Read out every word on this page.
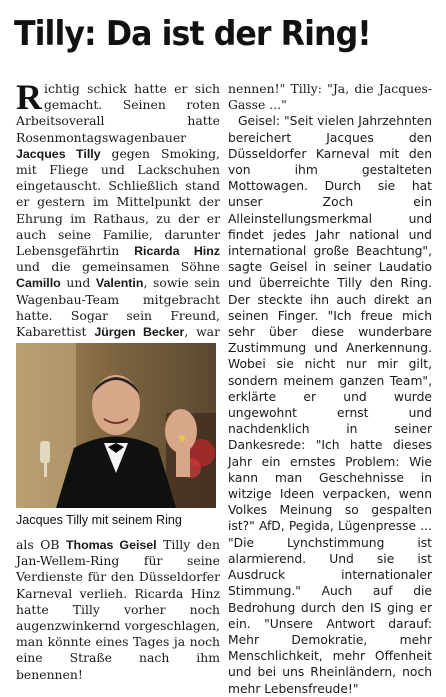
Tilly: Da ist der Ring!

Richtig schick hatte er sich gemacht. Seinen roten Arbeitsoverall hatte Rosenmontagswagenbauer Jacques Tilly gegen Smoking, mit Fliege und Lackschuhen eingetauscht. Schließlich stand er gestern im Mittelpunkt der Ehrung im Rathaus, zu der er auch seine Familie, darunter Lebensgefährtin Ricarda Hinz und die gemeinsamen Söhne Camillo und Valentin, sowie sein Wagenbau-Team mitgebracht hatte. Sogar sein Freund, Kabarettist Jürgen Becker, war

Jacques Tilly mit seinem Ring

als OB Thomas Geisel Tilly den Jan-Wellem-Ring für seine Verdienste für den Düsseldorfer Karneval verlieh. Ricarda Hinz hatte Tilly vorher noch augenzwinkernd vorgeschlagen, man könnte eines Tages ja noch eine Straße nach ihm benennen!

nennen!" Tilly: "Ja, die Jacques-Gasse ..."

Geisel: "Seit vielen Jahrzehnten bereichert Jacques den Düsseldorfer Karneval mit den von ihm gestalteten Mottowagen. Durch sie hat unser Zoch ein Alleinstellungsmerkmal und findet jedes Jahr national und international große Beachtung", sagte Geisel in seiner Laudatio und überreichte Tilly den Ring. Der steckte ihn auch direkt an seinen Finger. "Ich freue mich sehr über diese wunderbare Zustimmung und Anerkennung. Wobei sie nicht nur mir gilt, sondern meinem ganzen Team", erklärte er und wurde ungewohnt ernst und nachdenklich in seiner Dankesrede: "Ich hatte dieses Jahr ein ernstes Problem: Wie kann man Geschehnisse in witzige Ideen verpacken, wenn Volkes Meinung so gespalten ist?" AfD, Pegida, Lügenpresse ... "Die Lynchstimmung ist alarmierend. Und sie ist Ausdruck internationaler Stimmung." Auch auf die Bedrohung durch den IS ging er ein. "Unsere Antwort darauf: Mehr Demokratie, mehr Menschlichkeit, mehr Offenheit und bei uns Rheinländern, noch mehr Lebensfreude!"
